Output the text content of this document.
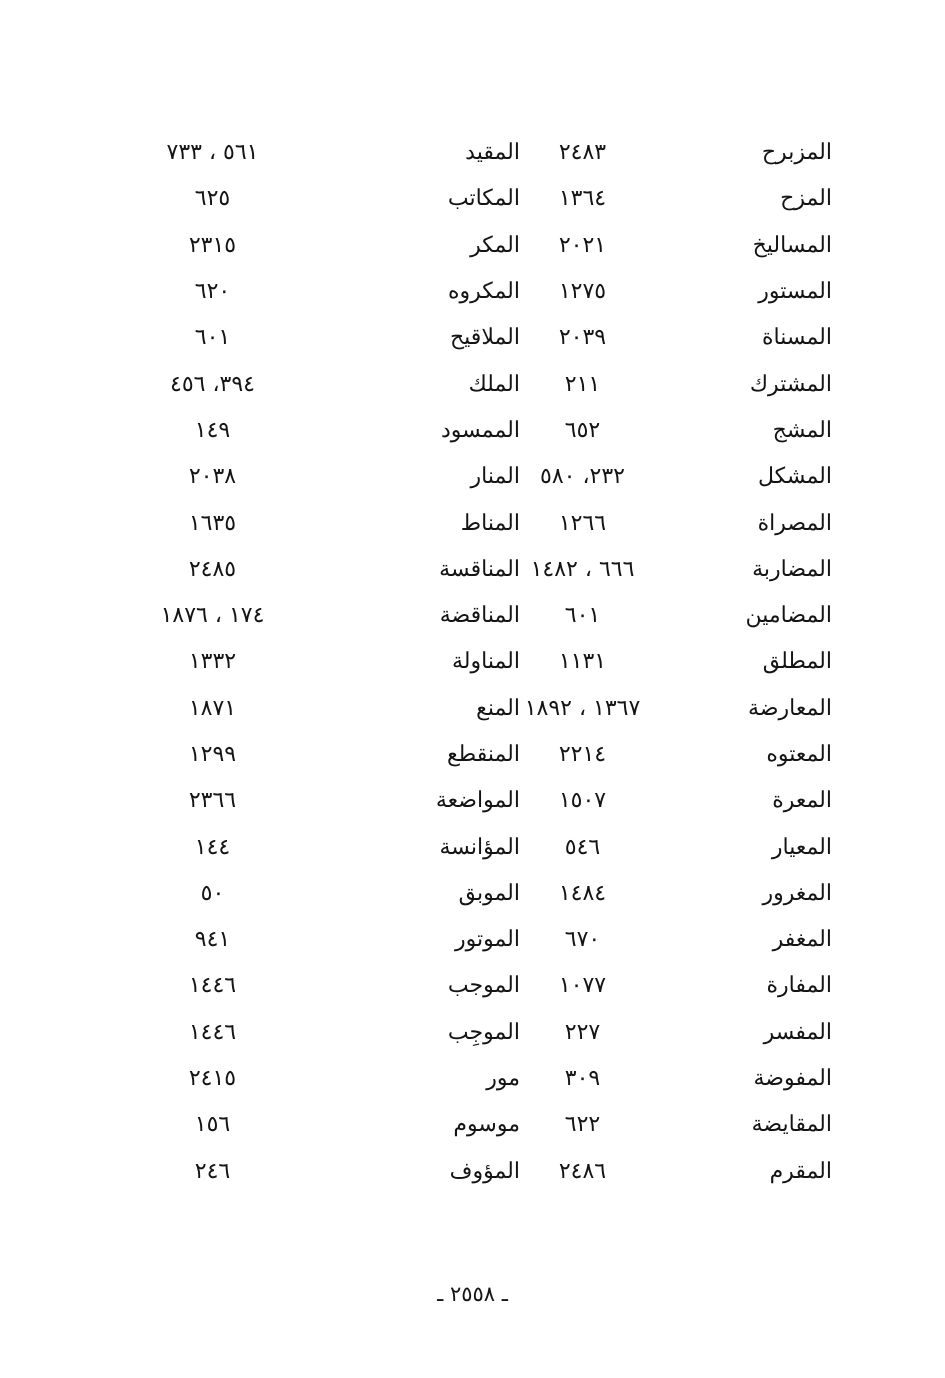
المزبرح
٢٤٨٣
المقيد
٥٦١ ، ٧٣٣
المزح
١٣٦٤
المكاتب
٦٢٥
المساليخ
٢٠٢١
المكر
٢٣١٥
المستور
١٢٧٥
المكروه
٦٢٠
المسناة
٢٠٣٩
الملاقيح
٦٠١
المشترك
٢١١
الملك
٣٩٤، ٤٥٦
المشج
٦٥٢
الممسود
١٤٩
المشكل
٢٣٢، ٥٨٠
المنار
٢٠٣٨
المصراة
١٢٦٦
المناط
١٦٣٥
المضاربة
٦٦٦ ، ١٤٨٢
المناقسة
٢٤٨٥
المضامين
٦٠١
المناقضة
١٧٤ ، ١٨٧٦
المطلق
١١٣١
المناولة
١٣٣٢
المعارضة
١٣٦٧ ، ١٨٩٢
المنع
١٨٧١
المعتوه
٢٢١٤
المنقطع
١٢٩٩
المعرة
١٥٠٧
المواضعة
٢٣٦٦
المعيار
٥٤٦
المؤانسة
١٤٤
المغرور
١٤٨٤
الموبق
٥٠
المغفر
٦٧٠
الموتور
٩٤١
المفارة
١٠٧٧
الموجب
١٤٤٦
المفسر
٢٢٧
الموجِب
١٤٤٦
المفوضة
٣٠٩
مور
٢٤١٥
المقايضة
٦٢٢
موسوم
١٥٦
المقرم
٢٤٨٦
المؤوف
٢٤٦
ـ ٢٥٥٨ ـ
